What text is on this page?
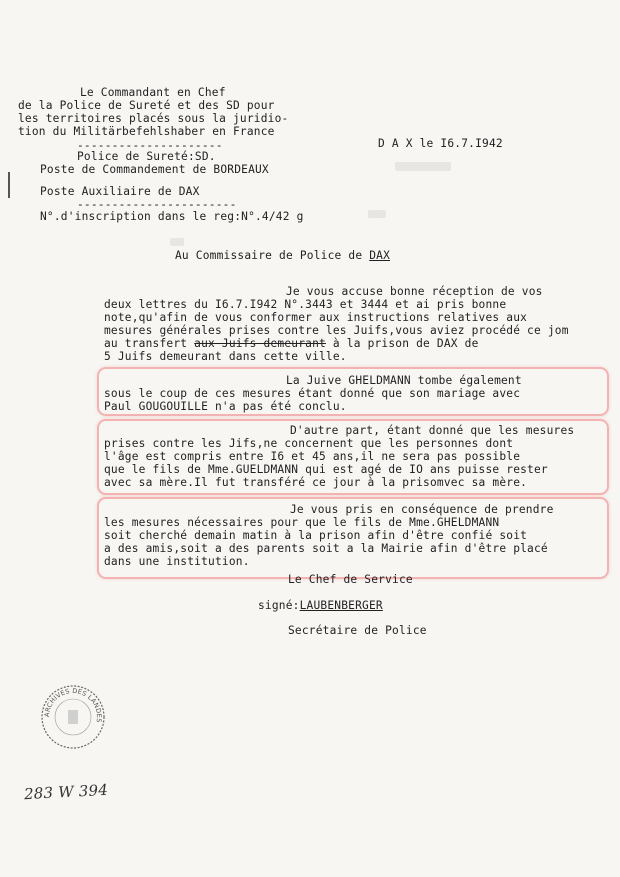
Le Commandant en Chef
de la Police de Sureté et des SD pour
les territoires placés sous la juridio-
tion du Militärbefehlshaber en France
---------------------
Police de Sureté:SD.
Poste de Commandement de BORDEAUX
Poste Auxiliaire de DAX
-----------------------
N°.d'inscription dans le reg:N°.4/42 g
D A X le I6.7.I942
Au Commissaire de Police de DAX
Je vous accuse bonne réception de vos
deux lettres du I6.7.I942 N°.3443 et 3444 et ai pris bonne
note,qu'afin de vous conformer aux instructions relatives aux
mesures générales prises contre les Juifs,vous aviez procédé ce jom
au transfert aux Juifs demeurant à la prison de DAX de
5 Juifs demeurant dans cette ville.
La Juive GHELDMANN tombe également
sous le coup de ces mesures étant donné que son mariage avec
Paul GOUGOUILLE n'a pas été conclu.
D'autre part, étant donné que les mesures
prises contre les Jifs,ne concernent que les personnes dont
l'âge est compris entre I6 et 45 ans,il ne sera pas possible
que le fils de Mme.GUELDMANN qui est agé de IO ans puisse rester
avec sa mère.Il fut transféré ce jour à la prisomvec sa mère.
Je vous pris en conséquence de prendre
les mesures nécessaires pour que le fils de Mme.GHELDMANN
soit cherché demain matin à la prison afin d'être confié soit
a des amis,soit a des parents soit a la Mairie afin d'être placé
dans une institution.
Le Chef de Service
signé:LAUBENBERGER
Secrétaire de Police
ARCHIVES DES LANDES
283 W 394
